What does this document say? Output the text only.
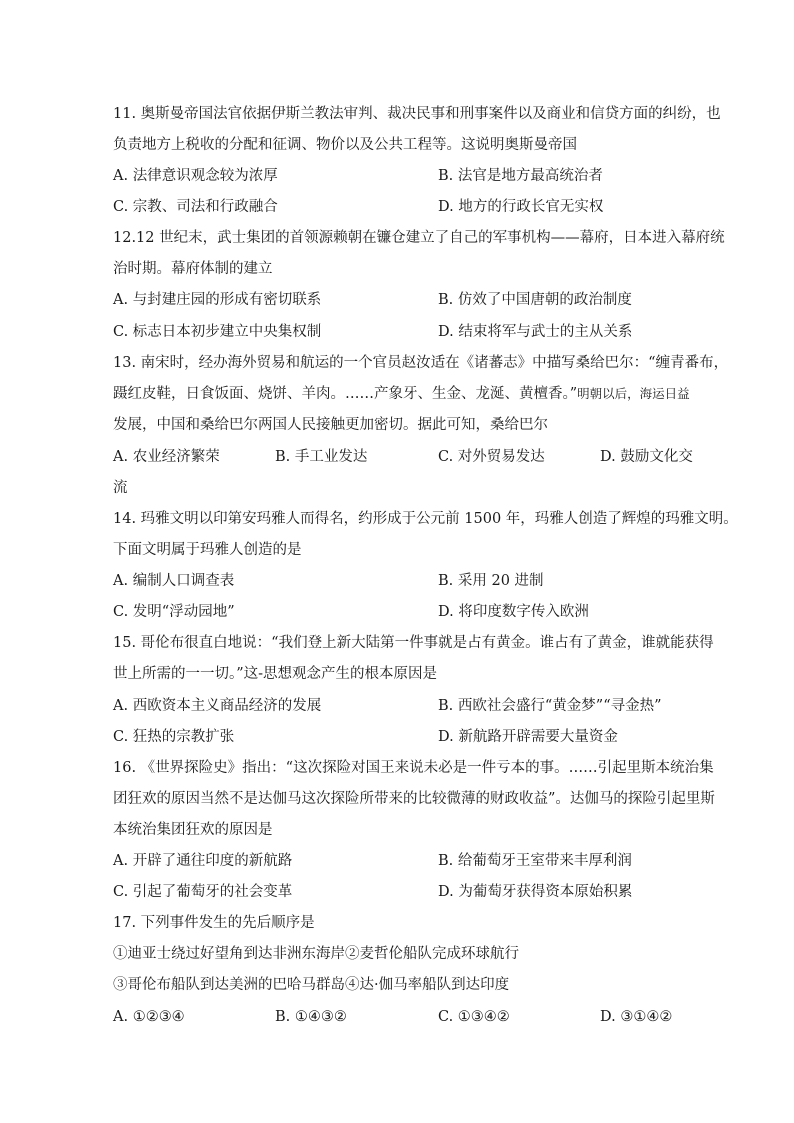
11. 奥斯曼帝国法官依据伊斯兰教法审判、裁决民事和刑事案件以及商业和信贷方面的纠纷，也
负责地方上税收的分配和征调、物价以及公共工程等。这说明奥斯曼帝国
A. 法律意识观念较为浓厚	B. 法官是地方最高统治者
C. 宗教、司法和行政融合	D. 地方的行政长官无实权
12.12 世纪末，武士集团的首领源赖朝在镰仓建立了自己的军事机构——幕府，日本进入幕府统
治时期。幕府体制的建立
A. 与封建庄园的形成有密切联系	B. 仿效了中国唐朝的政治制度
C. 标志日本初步建立中央集权制	D. 结束将军与武士的主从关系
13. 南宋时，经办海外贸易和航运的一个官员赵汝适在《诸蕃志》中描写桑给巴尔：“缠青番布，
蹑红皮鞋，日食饭面、烧饼、羊肉。……产象牙、生金、龙涎、黄檀香。”明朝以后，海运日益
发展，中国和桑给巴尔两国人民接触更加密切。据此可知，桑给巴尔
A. 农业经济繁荣	B. 手工业发达	C. 对外贸易发达	D. 鼓励文化交
流
14. 玛雅文明以印第安玛雅人而得名，约形成于公元前 1500 年，玛雅人创造了辉煌的玛雅文明。
下面文明属于玛雅人创造的是
A. 编制人口调查表	B. 采用 20 进制
C. 发明“浮动园地”	D. 将印度数字传入欧洲
15. 哥伦布很直白地说：“我们登上新大陆第一件事就是占有黄金。谁占有了黄金，谁就能获得
世上所需的一一切。”这-思想观念产生的根本原因是
A. 西欧资本主义商品经济的发展	B. 西欧社会盛行“黄金梦”“寻金热”
C. 狂热的宗教扩张	D. 新航路开辟需要大量资金
16. 《世界探险史》指出：“这次探险对国王来说未必是一件亏本的事。……引起里斯本统治集
团狂欢的原因当然不是达伽马这次探险所带来的比较微薄的财政收益”。达伽马的探险引起里斯
本统治集团狂欢的原因是
A. 开辟了通往印度的新航路	B. 给葡萄牙王室带来丰厚利润
C. 引起了葡萄牙的社会变革	D. 为葡萄牙获得资本原始积累
17. 下列事件发生的先后顺序是
①迪亚士绕过好望角到达非洲东海岸②麦哲伦船队完成环球航行
③哥伦布船队到达美洲的巴哈马群岛④达·伽马率船队到达印度
A. ①②③④	B. ①④③②	C. ①③④②	D. ③①④②
